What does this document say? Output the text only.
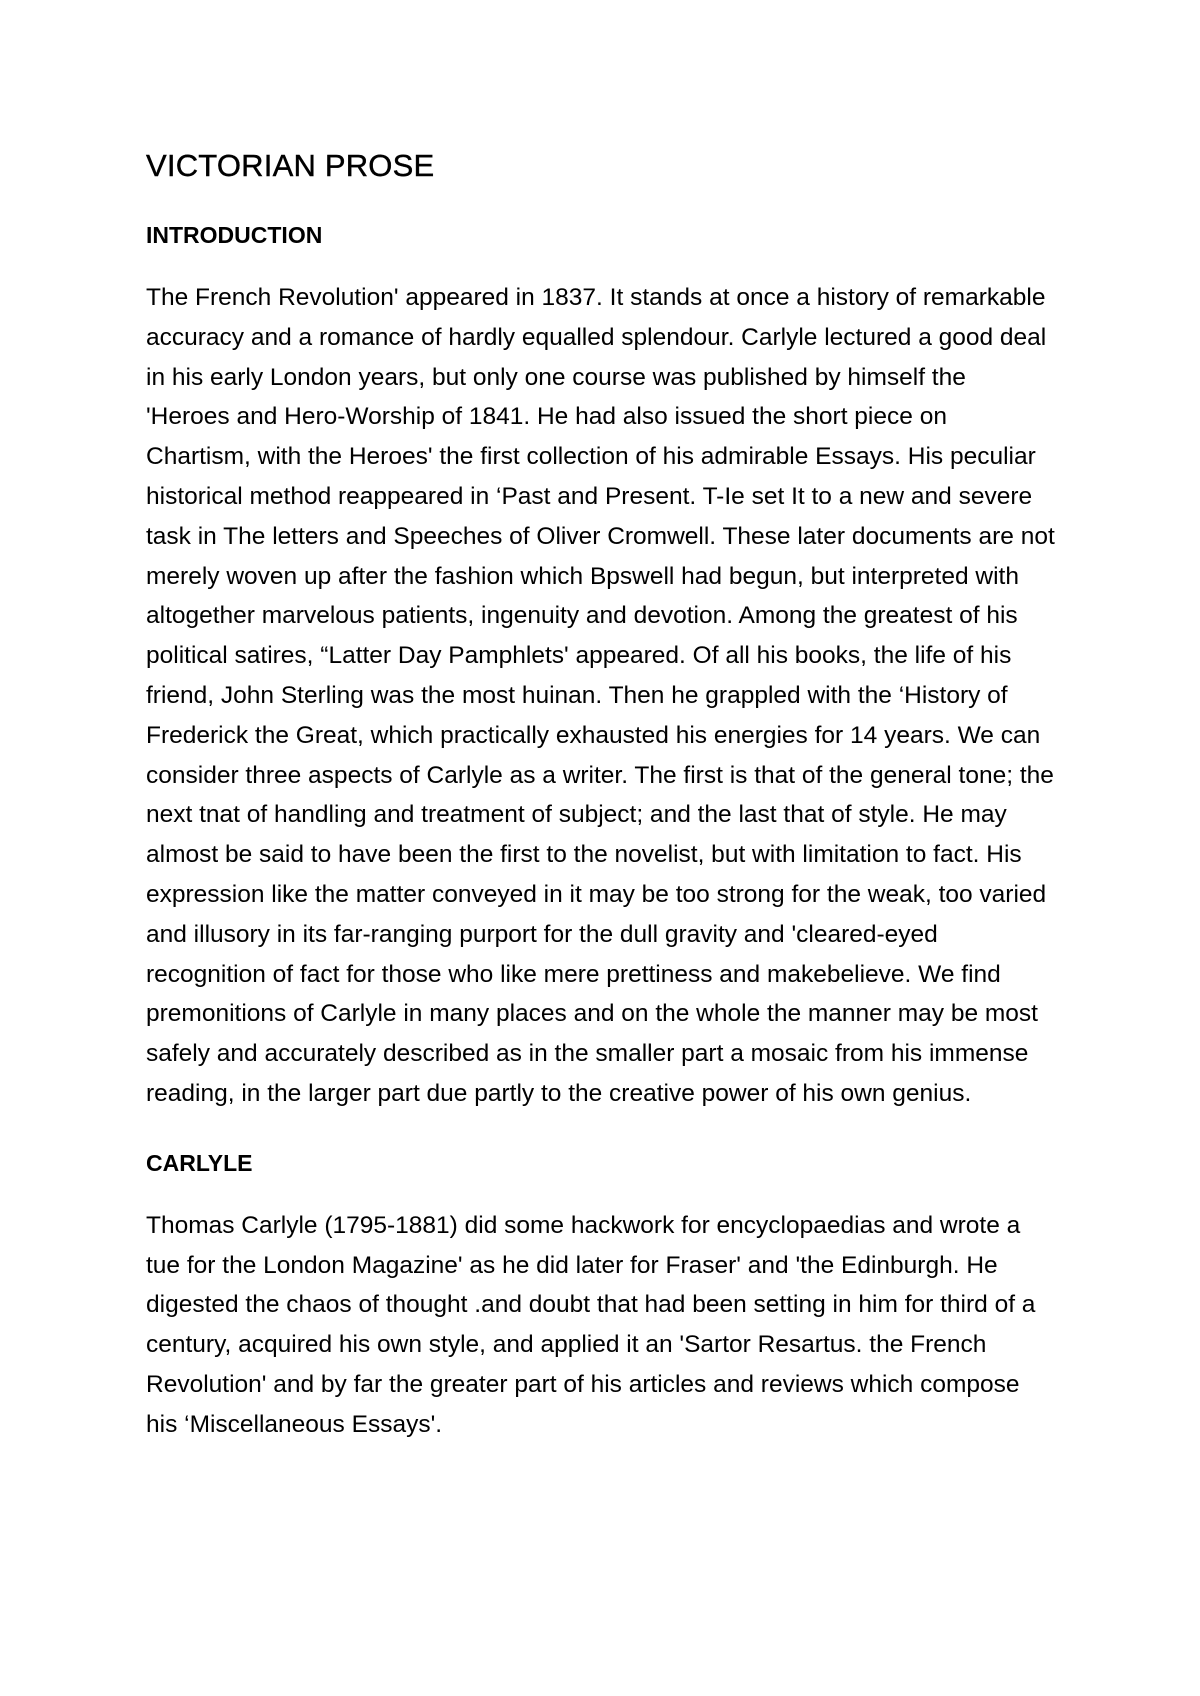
VICTORIAN PROSE
INTRODUCTION

The French Revolution' appeared in 1837. It stands at once a history of remarkable accuracy and a romance of hardly equalled splendour. Carlyle lectured a good deal in his early London years, but only one course was published by himself the 'Heroes and Hero-Worship of 1841. He had also issued the short piece on Chartism, with the Heroes' the first collection of his admirable Essays. His peculiar historical method reappeared in ‘Past and Present. T-Ie set It to a new and severe task in The letters and Speeches of Oliver Cromwell. These later documents are not merely woven up after the fashion which Bpswell had begun, but interpreted with altogether marvelous patients, ingenuity and devotion. Among the greatest of his political satires, “Latter Day Pamphlets' appeared. Of all his books, the life of his friend, John Sterling was the most huinan. Then he grappled with the ‘History of Frederick the Great, which practically exhausted his energies for 14 years. We can consider three aspects of Carlyle as a writer. The first is that of the general tone; the next tnat of handling and treatment of subject; and the last that of style. He may almost be said to have been the first to the novelist, but with limitation to fact. His expression like the matter conveyed in it may be too strong for the weak, too varied and illusory in its far-ranging purport for the dull gravity and 'cleared-eyed recognition of fact for those who like mere prettiness and makebelieve. We find premonitions of Carlyle in many places and on the whole the manner may be most safely and accurately described as in the smaller part a mosaic from his immense reading, in the larger part due partly to the creative power of his own genius.

CARLYLE

Thomas Carlyle (1795-1881) did some hackwork for encyclopaedias and wrote a tue for the London Magazine' as he did later for Fraser' and 'the Edinburgh. He digested the chaos of thought .and doubt that had been setting in him for third of a century, acquired his own style, and applied it an 'Sartor Resartus. the French Revolution' and by far the greater part of his articles and reviews which compose his ‘Miscellaneous Essays'.
